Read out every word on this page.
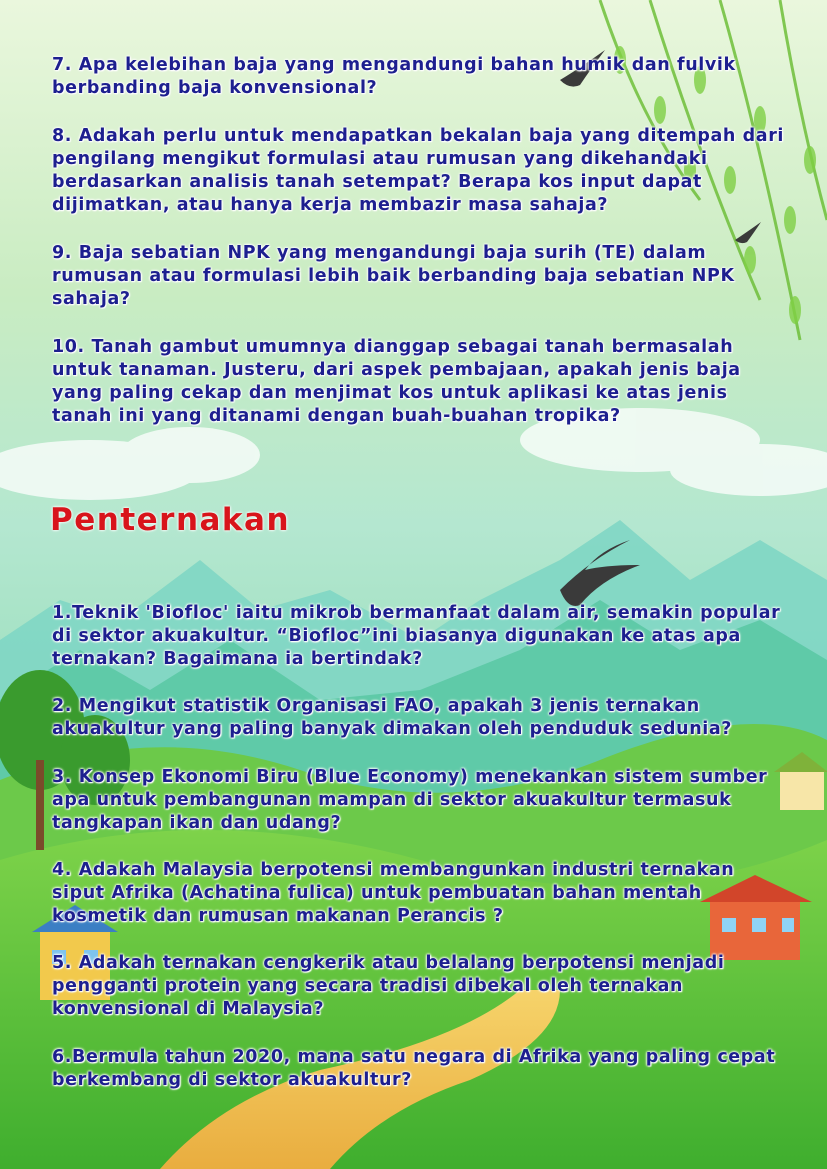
7. Apa kelebihan baja yang mengandungi bahan humik dan fulvik berbanding baja konvensional?

8. Adakah perlu untuk mendapatkan bekalan baja yang ditempah dari pengilang mengikut formulasi atau rumusan yang dikehandaki berdasarkan analisis tanah setempat? Berapa kos input dapat dijimatkan, atau hanya kerja membazir masa sahaja?

9. Baja sebatian NPK yang mengandungi baja surih (TE) dalam rumusan atau formulasi lebih baik berbanding baja sebatian NPK sahaja?

10. Tanah gambut umumnya dianggap sebagai tanah bermasalah untuk tanaman. Justeru, dari aspek pembajaan, apakah jenis baja yang paling cekap dan menjimat kos untuk aplikasi ke atas jenis tanah ini yang ditanami dengan buah-buahan tropika?

Penternakan

1.Teknik 'Biofloc' iaitu mikrob bermanfaat dalam air, semakin popular di sektor akuakultur. “Biofloc”ini biasanya digunakan ke atas apa ternakan? Bagaimana ia bertindak?

2. Mengikut statistik Organisasi FAO, apakah 3 jenis ternakan akuakultur yang paling banyak dimakan oleh penduduk sedunia?

3. Konsep Ekonomi Biru (Blue Economy) menekankan sistem sumber apa untuk pembangunan mampan di sektor akuakultur termasuk tangkapan ikan dan udang?

4. Adakah Malaysia berpotensi membangunkan industri ternakan siput Afrika (Achatina fulica) untuk pembuatan bahan mentah kosmetik dan rumusan makanan Perancis ?

5. Adakah ternakan cengkerik atau belalang berpotensi menjadi pengganti protein yang secara tradisi dibekal oleh ternakan konvensional di Malaysia?

6.Bermula tahun 2020, mana satu negara di Afrika yang paling cepat berkembang di sektor akuakultur?
